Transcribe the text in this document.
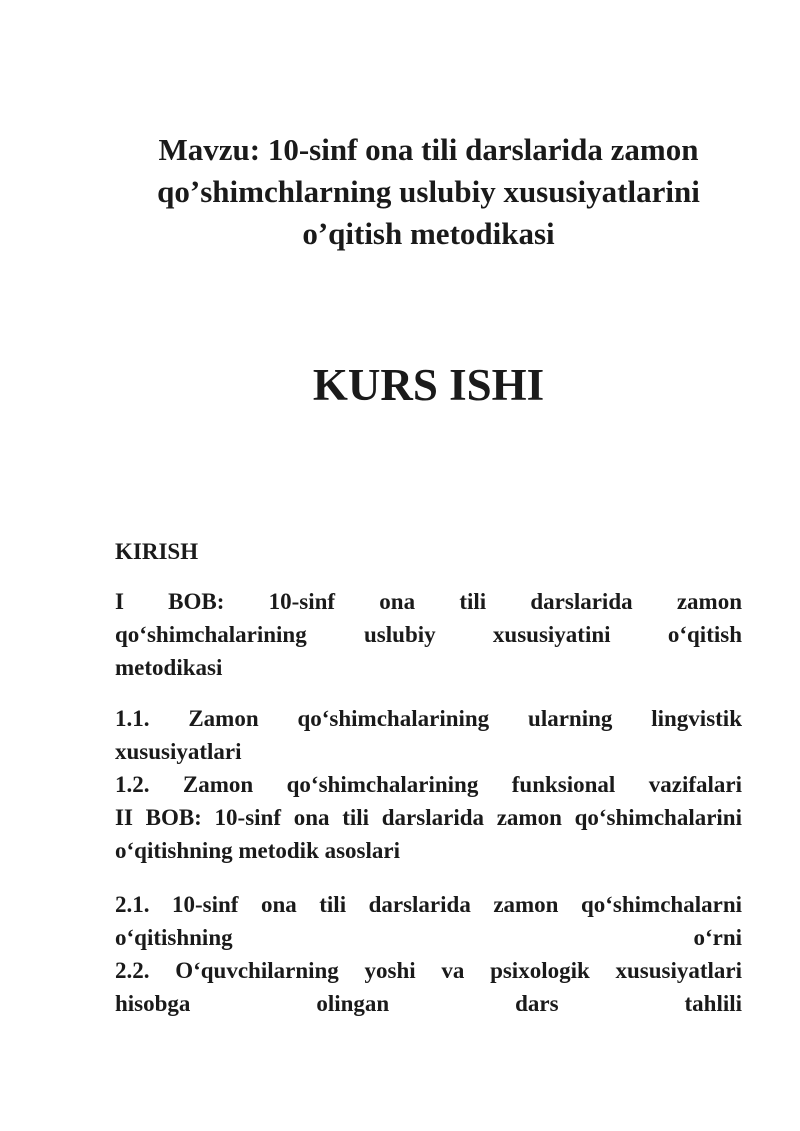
Mavzu: 10-sinf ona tili darslarida zamon
qoʼshimchlarning uslubiy xususiyatlarini
oʼqitish metodikasi
KURS ISHI
KIRISH
I BOB: 10-sinf ona tili darslarida zamon
qoʻshimchalarining uslubiy xususiyatini oʻqitish
metodikasi
1.1. Zamon qoʻshimchalarining ularning lingvistik
xususiyatlari
1.2. Zamon qoʻshimchalarining funksional vazifalari
II BOB: 10-sinf ona tili darslarida zamon qoʻshimchalarini
oʻqitishning metodik asoslari
2.1. 10-sinf ona tili darslarida zamon qoʻshimchalarni
oʻqitishning oʻrni
2.2. Oʻquvchilarning yoshi va psixologik xususiyatlari
hisobga olingan dars tahlili
